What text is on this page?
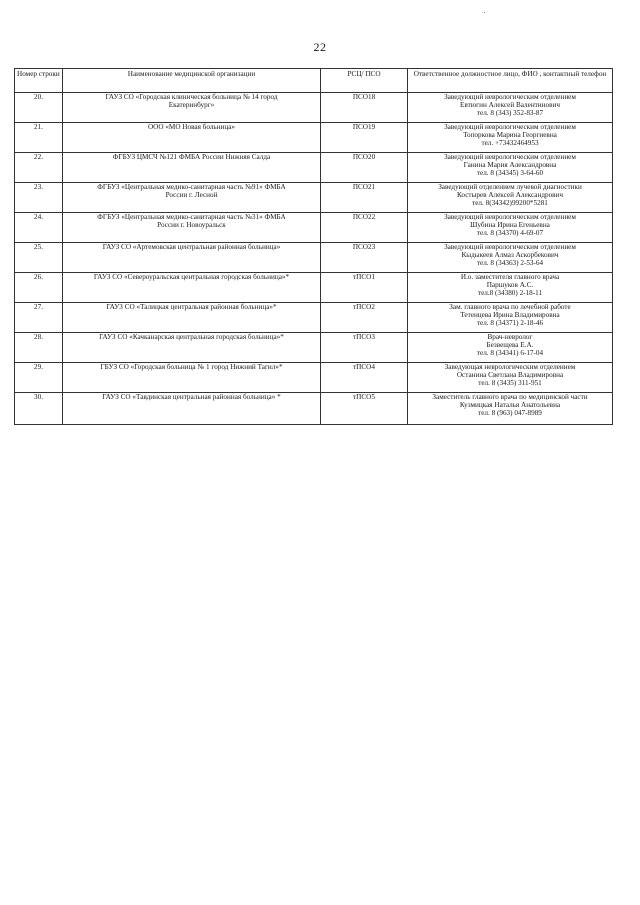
22
Номер строки	Наименование медицинской организации	РСЦ/ ПСО	Ответственное должностное лицо, ФИО , контактный телефон
20.	ГАУЗ СО «Городская клиническая больница № 14 город
Екатеринбург»	ПСО18	Заведующий неврологическим отделением
Евтюгин Алексей Валентинович
тел. 8 (343) 352-83-87

21.	ООО «МО Новая больница»	ПСО19	Заведующий неврологическим отделением
Топоркова Марина Георгиевна
тел. +73432464953

22.	ФГБУЗ ЦМСЧ №121 ФМБА России Нижняя Салда	ПСО20	Заведующий неврологическим отделением
Ганина Мария Александровна
тел. 8 (34345) 3-64-60

23.	ФГБУЗ «Центральная медико-санитарная часть №91» ФМБА
России г. Лесной	ПСО21	Заведующий отделением лучевой диагностики
Костырев Алексей Александрович
тел. 8(34342)99200*5281

24.	ФГБУЗ «Центральная медико-санитарная часть №31» ФМБА
России г. Новоуральск	ПСО22	Заведующий неврологическим отделением
Шубина Ирина Егеньевна
тел. 8 (34370) 4-69-07

25.	ГАУЗ СО «Артемовская центральная районная больница»	ПСО23	Заведующий неврологическим отделением
Кыдыкеев Алмаз Аскорбекович
тел. 8 (34363) 2-53-64

26.	ГАУЗ СО «Североуральская центральная городская больница»*	тПСО1	И.о. заместителя главного врача
Паршуков А.С.
тел.8 (34380) 2-18-11

27.	ГАУЗ СО «Талицкая центральная районная больница»*	тПСО2	Зам. главного врача по лечебной работе
Тетенцева Ирина Владимировна
тел. 8 (34371) 2-18-46

28.	ГАУЗ СО «Качканарская центральная городская больница»*	тПСО3	Врач-невролог
Безвещева Е.А.
тел. 8 (34341) 6-17-04

29.	ГБУЗ СО «Городская больница № 1 город Нижний Тагил»*	тПСО4	Заведующая неврологическим отделением
Останина Светлана Владимировна
тел. 8 (3435) 311-951

30.	ГАУЗ СО «Тавдинская центральная районная больница» *	тПСО5	Заместитель главного врача по медицинской части
Кузмицкая Наталья Анатольевна
тел. 8 (963) 047-8989
